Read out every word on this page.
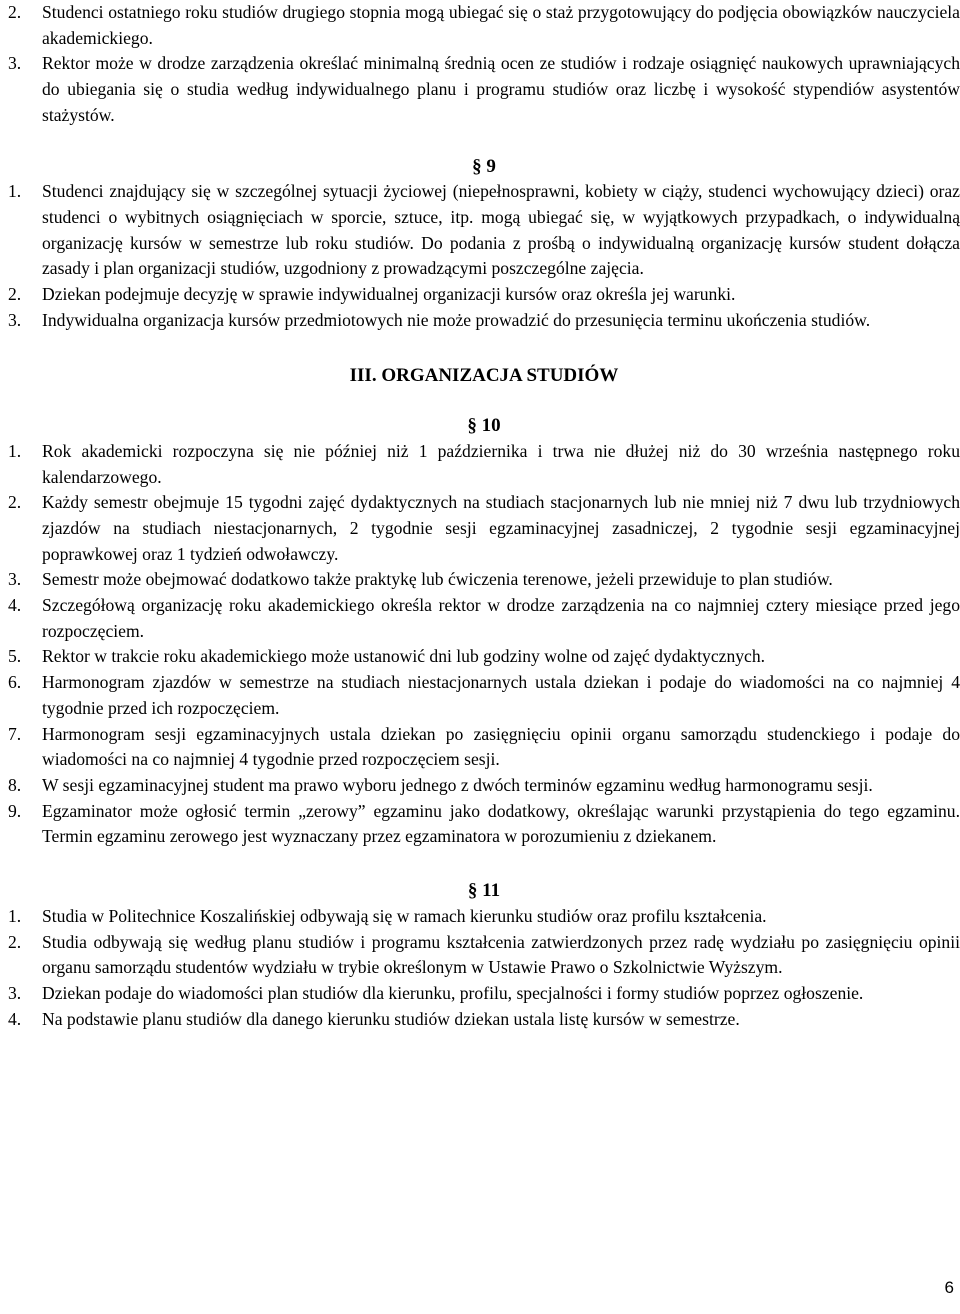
2.	Studenci ostatniego roku studiów drugiego stopnia mogą ubiegać się o staż przygotowujący do podjęcia obowiązków nauczyciela akademickiego.
3.	Rektor może w drodze zarządzenia określać minimalną średnią ocen ze studiów i rodzaje osiągnięć naukowych uprawniających do ubiegania się o studia według indywidualnego planu i programu studiów oraz liczbę i wysokość stypendiów asystentów stażystów.
§ 9
1.	Studenci znajdujący się w szczególnej sytuacji życiowej (niepełnosprawni, kobiety w ciąży, studenci wychowujący dzieci) oraz studenci o wybitnych osiągnięciach w sporcie, sztuce, itp. mogą ubiegać się, w wyjątkowych przypadkach, o indywidualną organizację kursów w semestrze lub roku studiów. Do podania z prośbą o indywidualną organizację kursów student dołącza zasady i plan organizacji studiów, uzgodniony z prowadzącymi poszczególne zajęcia.
2.	Dziekan podejmuje decyzję w sprawie indywidualnej organizacji kursów oraz określa jej warunki.
3.	Indywidualna organizacja kursów przedmiotowych nie może prowadzić do przesunięcia terminu ukończenia studiów.
III. ORGANIZACJA STUDIÓW
§ 10
1.	Rok akademicki rozpoczyna się nie później niż 1 października i trwa nie dłużej niż do 30 września następnego roku kalendarzowego.
2.	Każdy semestr obejmuje 15 tygodni zajęć dydaktycznych na studiach stacjonarnych lub nie mniej niż 7 dwu lub trzydniowych zjazdów na studiach niestacjonarnych, 2 tygodnie sesji egzaminacyjnej zasadniczej, 2 tygodnie sesji egzaminacyjnej poprawkowej oraz 1 tydzień odwoławczy.
3.	Semestr może obejmować dodatkowo także praktykę lub ćwiczenia terenowe, jeżeli przewiduje to plan studiów.
4.	Szczegółową organizację roku akademickiego określa rektor w drodze zarządzenia na co najmniej cztery miesiące przed jego rozpoczęciem.
5.	Rektor w trakcie roku akademickiego może ustanowić dni lub godziny wolne od zajęć dydaktycznych.
6.	Harmonogram zjazdów w semestrze na studiach niestacjonarnych ustala dziekan i podaje do wiadomości na co najmniej 4 tygodnie przed ich rozpoczęciem.
7.	Harmonogram sesji egzaminacyjnych ustala dziekan po zasięgnięciu opinii organu samorządu studenckiego i podaje do wiadomości na co najmniej 4 tygodnie przed rozpoczęciem sesji.
8.	W sesji egzaminacyjnej student ma prawo wyboru jednego z dwóch terminów egzaminu według harmonogramu sesji.
9.	Egzaminator może ogłosić termin „zerowy” egzaminu jako dodatkowy, określając warunki przystąpienia do tego egzaminu. Termin egzaminu zerowego jest wyznaczany przez egzaminatora w porozumieniu z dziekanem.
§ 11
1.	Studia w Politechnice Koszalińskiej odbywają się w ramach kierunku studiów oraz profilu kształcenia.
2.	Studia odbywają się według planu studiów i programu kształcenia zatwierdzonych przez radę wydziału po zasięgnięciu opinii organu samorządu studentów wydziału w trybie określonym w Ustawie Prawo o Szkolnictwie Wyższym.
3.	Dziekan podaje do wiadomości plan studiów dla kierunku, profilu, specjalności i formy studiów poprzez ogłoszenie.
4.	Na podstawie planu studiów dla danego kierunku studiów dziekan ustala listę kursów w semestrze.
6
